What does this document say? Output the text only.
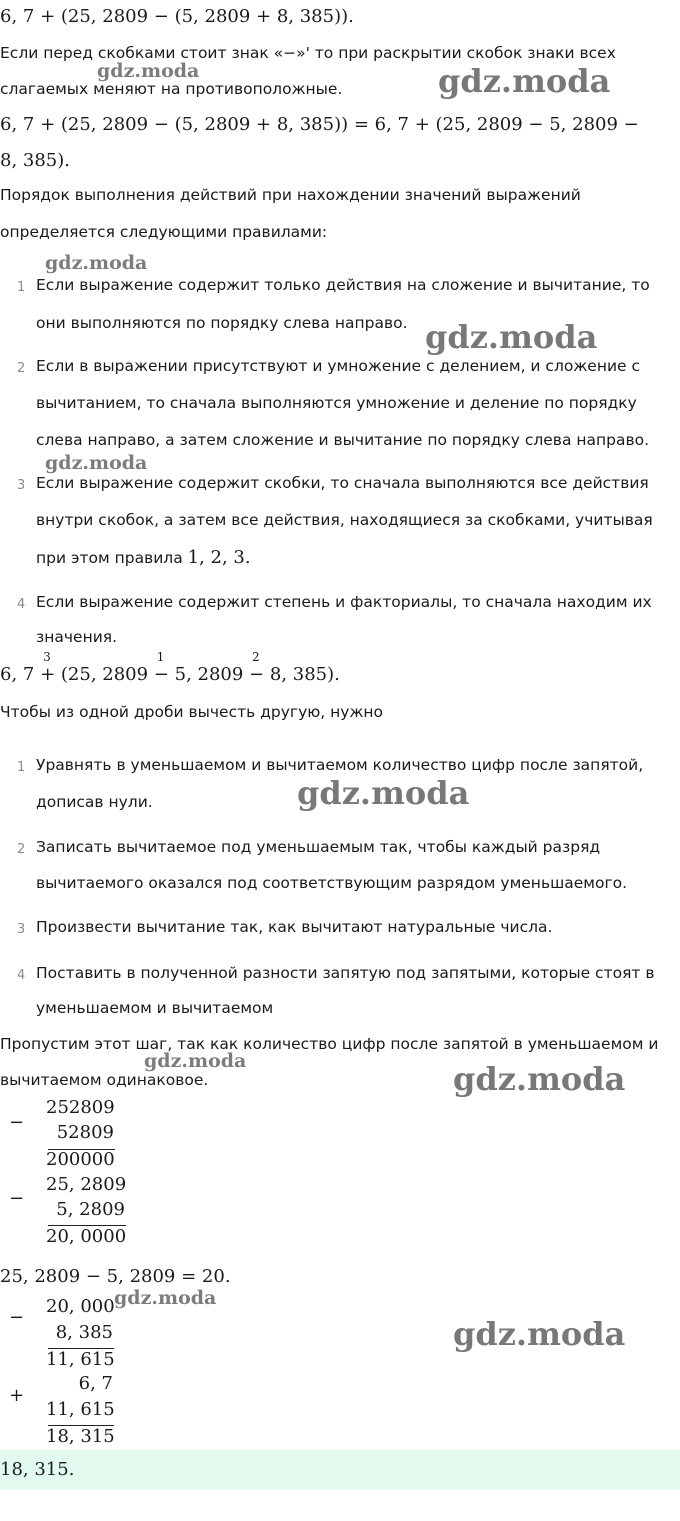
6, 7 + (25, 2809 − (5, 2809 + 8, 385)).
Если перед скобками стоит знак «−»' то при раскрытии скобок знаки всех
слагаемых меняют на противоположные.
6, 7 + (25, 2809 − (5, 2809 + 8, 385)) = 6, 7 + (25, 2809 − 5, 2809 −
8, 385).
Порядок выполнения действий при нахождении значений выражений
определяется следующими правилами:
1 Если выражение содержит только действия на сложение и вычитание, то
они выполняются по порядку слева направо.
2 Если в выражении присутствуют и умножение с делением, и сложение с
вычитанием, то сначала выполняются умножение и деление по порядку
слева направо, а затем сложение и вычитание по порядку слева направо.
3 Если выражение содержит скобки, то сначала выполняются все действия
внутри скобок, а затем все действия, находящиеся за скобками, учитывая
при этом правила 1, 2, 3.
4 Если выражение содержит степень и факториалы, то сначала находим их
значения.
6, 7 +
3
(25, 2809 −
1
5, 2809 −
2
8, 385).
Чтобы из одной дроби вычесть другую, нужно
1 Уравнять в уменьшаемом и вычитаемом количество цифр после запятой,
дописав нули.
2 Записать вычитаемое под уменьшаемым так, чтобы каждый разряд
вычитаемого оказался под соответствующим разрядом уменьшаемого.
3 Произвести вычитание так, как вычитают натуральные числа.
4 Поставить в полученной разности запятую под запятыми, которые стоят в
уменьшаемом и вычитаемом
Пропустим этот шаг, так как количество цифр после запятой в уменьшаемом и
вычитаемом одинаковое.
−
252809
52809
200000
−
25, 2809
5, 2809
20, 0000
25, 2809 − 5, 2809 = 20.
−
20, 000
8, 385
11, 615
+
6, 7
11, 615
18, 315
18, 315.
gdz.moda	gdz.moda
gdz.moda
gdz.moda
gdz.moda
gdz.moda
gdz.moda	gdz.moda
gdz.moda
gdz.moda
